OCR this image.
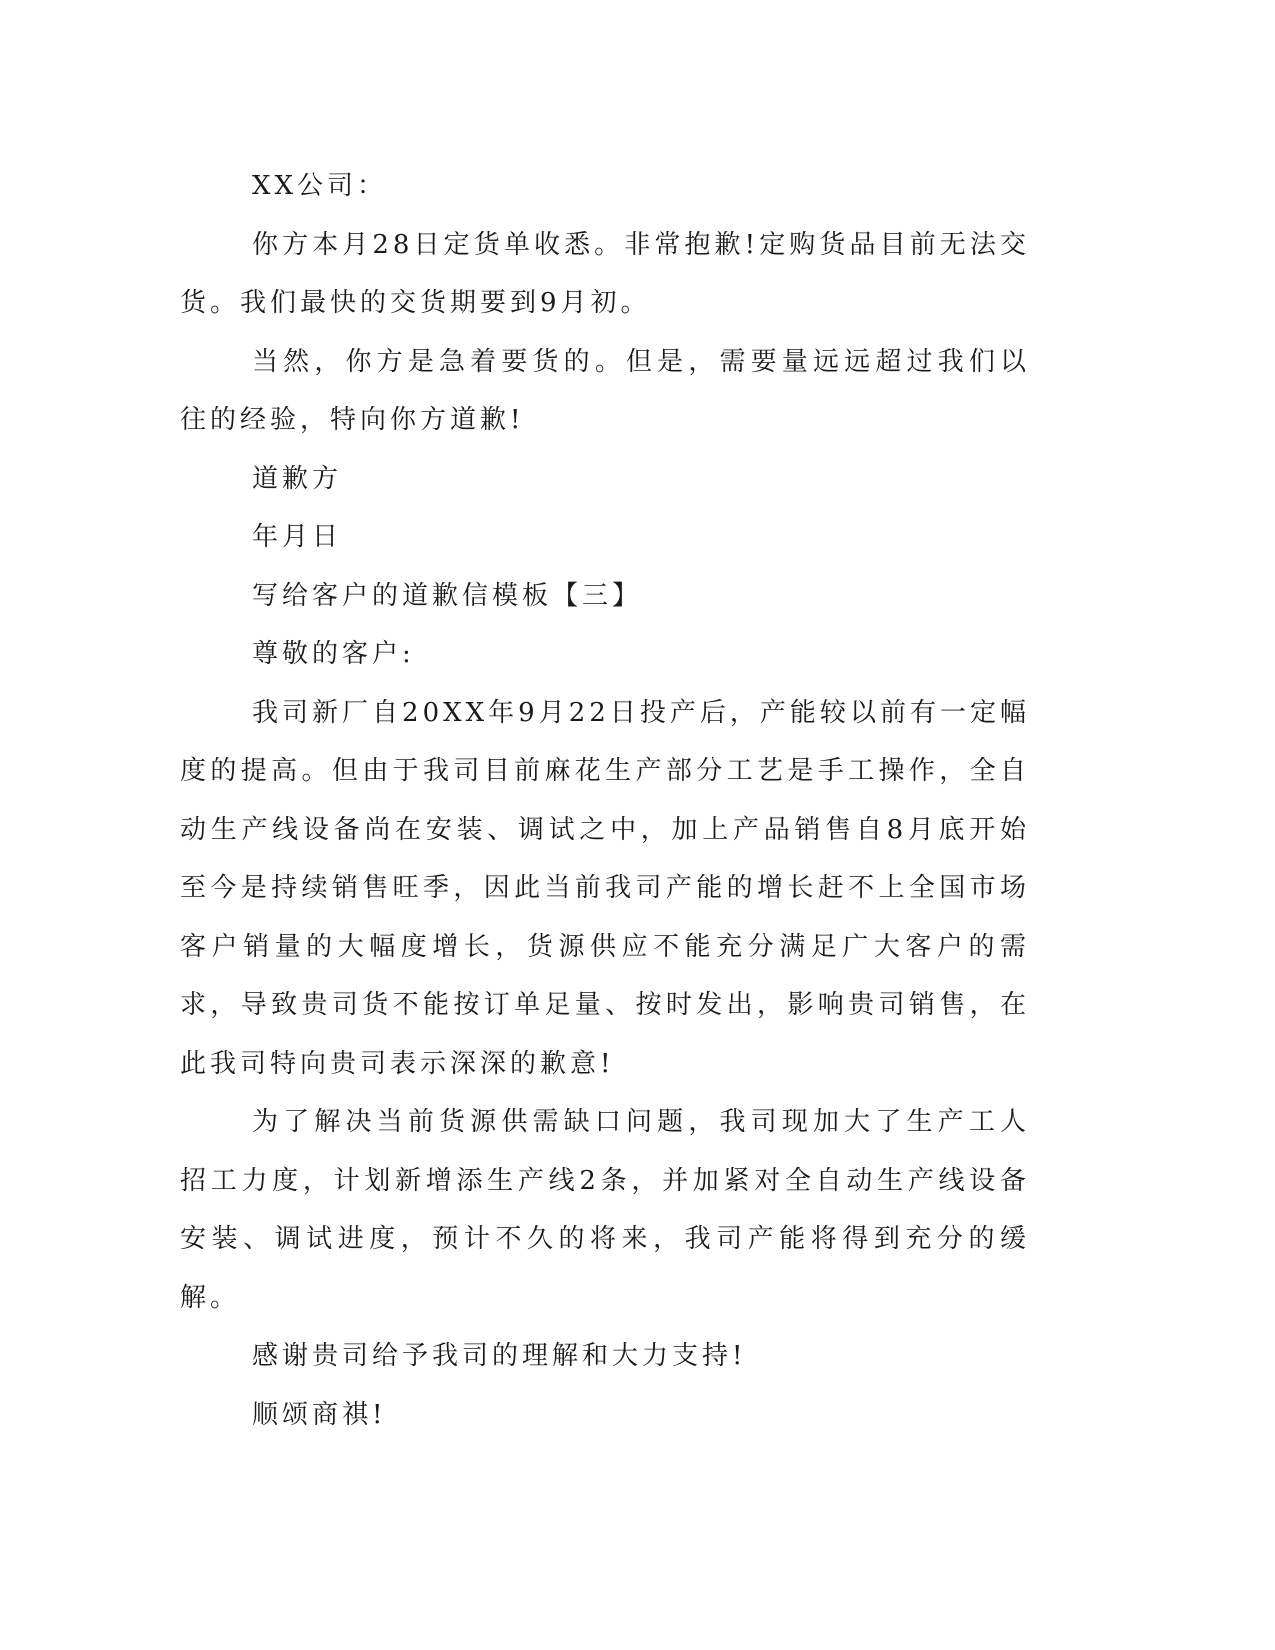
XX公司：

你方本月28日定货单收悉。非常抱歉!定购货品目前无法交货。我们最快的交货期要到9月初。

当然，你方是急着要货的。但是，需要量远远超过我们以往的经验，特向你方道歉!

道歉方

年月日

写给客户的道歉信模板【三】

尊敬的客户:

我司新厂自20XX年9月22日投产后，产能较以前有一定幅度的提高。但由于我司目前麻花生产部分工艺是手工操作，全自动生产线设备尚在安装、调试之中，加上产品销售自8月底开始至今是持续销售旺季，因此当前我司产能的增长赶不上全国市场客户销量的大幅度增长，货源供应不能充分满足广大客户的需求，导致贵司货不能按订单足量、按时发出，影响贵司销售，在此我司特向贵司表示深深的歉意!

为了解决当前货源供需缺口问题，我司现加大了生产工人招工力度，计划新增添生产线2条，并加紧对全自动生产线设备安装、调试进度，预计不久的将来，我司产能将得到充分的缓解。

感谢贵司给予我司的理解和大力支持!

顺颂商祺!
